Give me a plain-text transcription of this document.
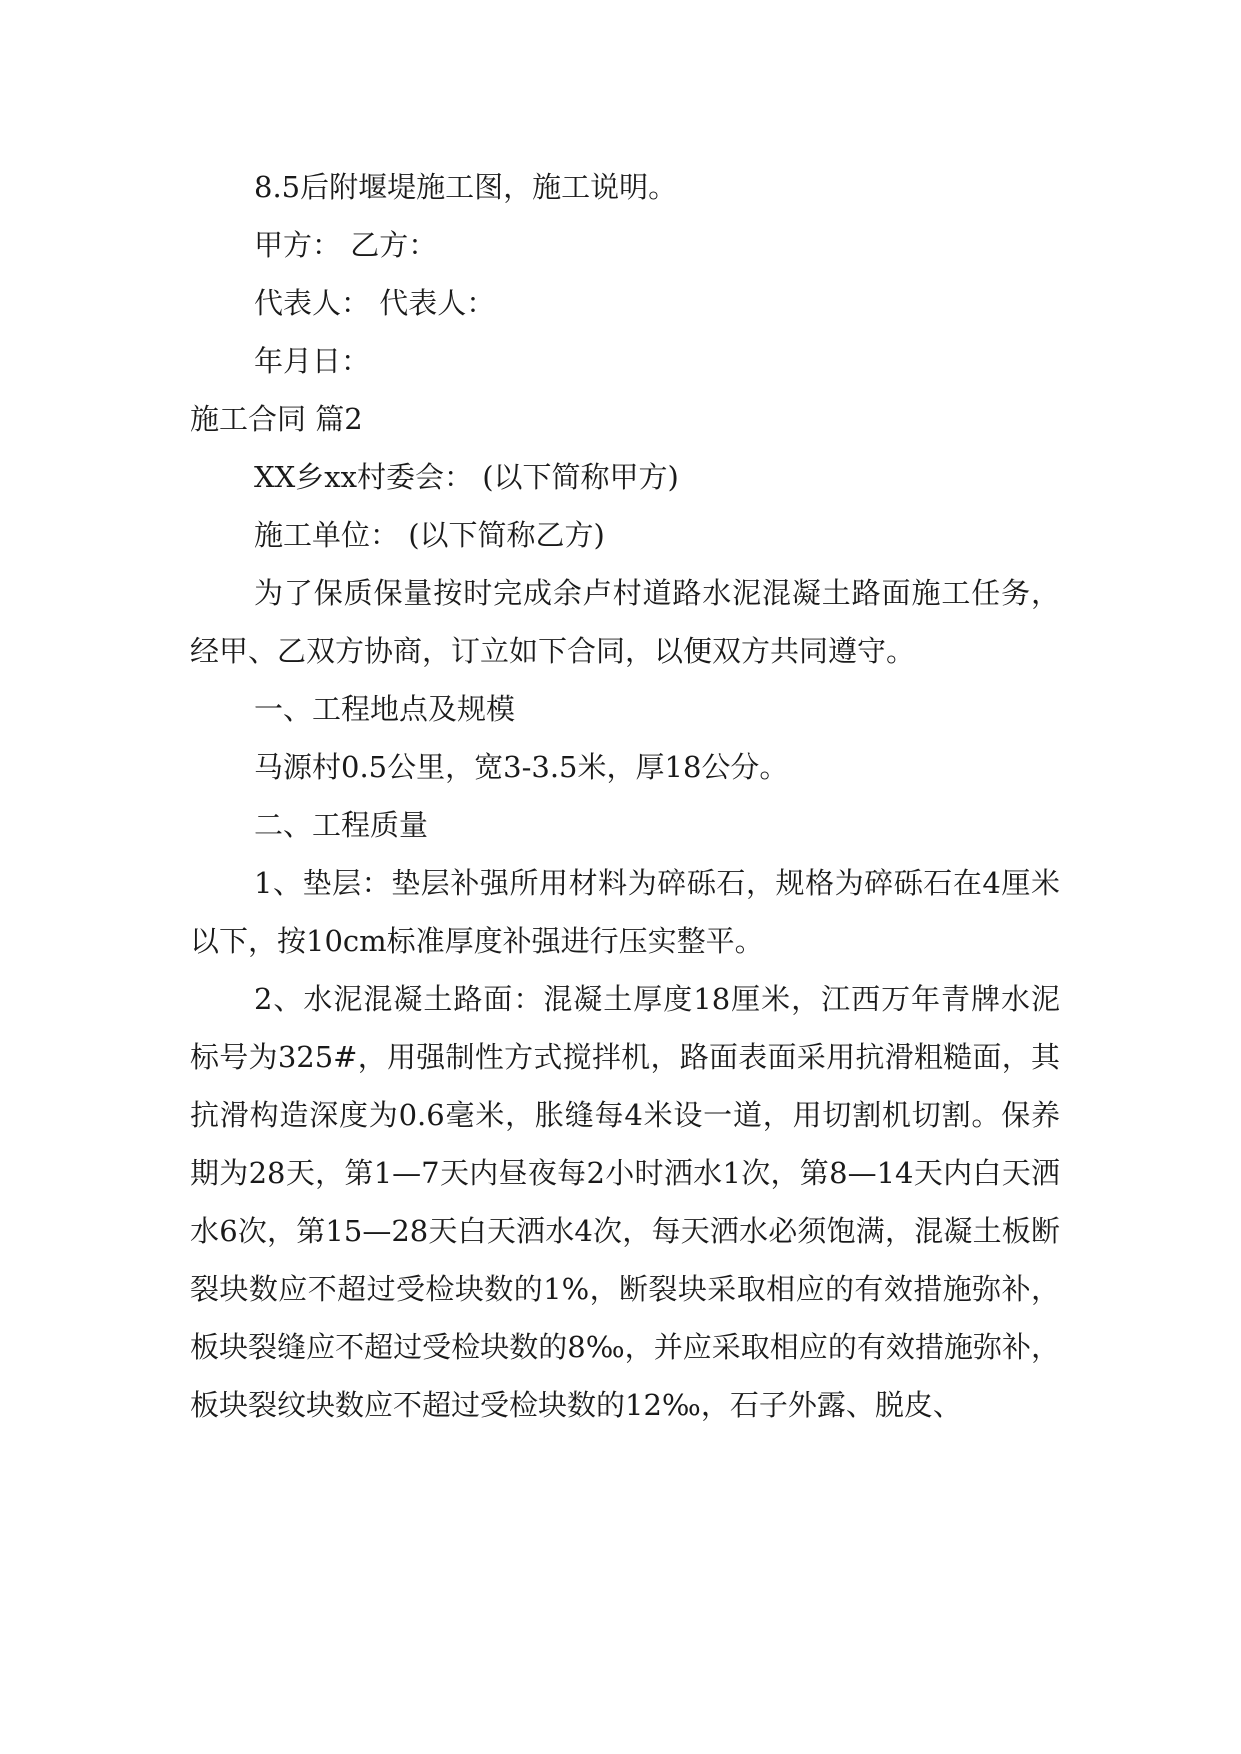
8.5后附堰堤施工图，施工说明。

甲方： 乙方：

代表人： 代表人：

年月日：

施工合同 篇2

XX乡xx村委会： (以下简称甲方)

施工单位： (以下简称乙方)

为了保质保量按时完成余卢村道路水泥混凝土路面施工任务，经甲、乙双方协商，订立如下合同，以便双方共同遵守。

一、工程地点及规模

马源村0.5公里，宽3-3.5米，厚18公分。

二、工程质量

1、垫层：垫层补强所用材料为碎砾石，规格为碎砾石在4厘米以下，按10cm标准厚度补强进行压实整平。

2、水泥混凝土路面：混凝土厚度18厘米，江西万年青牌水泥标号为325#，用强制性方式搅拌机，路面表面采用抗滑粗糙面，其抗滑构造深度为0.6毫米，胀缝每4米设一道，用切割机切割。保养期为28天，第1—7天内昼夜每2小时洒水1次，第8—14天内白天洒水6次，第15—28天白天洒水4次，每天洒水必须饱满，混凝土板断裂块数应不超过受检块数的1%，断裂块采取相应的有效措施弥补，板块裂缝应不超过受检块数的8‰，并应采取相应的有效措施弥补，板块裂纹块数应不超过受检块数的12‰，石子外露、脱皮、
